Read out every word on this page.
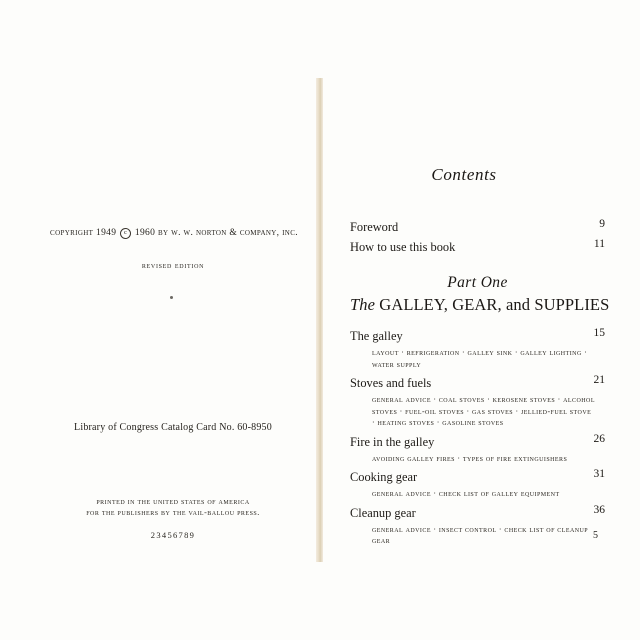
copyright 1949 c 1960 by w. w. norton & company, inc.
revised edition
Library of Congress Catalog Card No. 60-8950
printed in the united states of america
for the publishers by the vail-ballou press.
23456789
Contents
Foreword	9
How to use this book	11
Part One
The GALLEY, GEAR, and SUPPLIES
The galley	15
layout · refrigeration · galley sink · galley lighting · water supply
Stoves and fuels	21
general advice · coal stoves · kerosene stoves · alcohol stoves · fuel-oil stoves · gas stoves · jellied-fuel stove · heating stoves · gasoline stoves
Fire in the galley	26
avoiding galley fires · types of fire extinguishers
Cooking gear	31
general advice · check list of galley equipment
Cleanup gear	36
general advice · insect control · check list of cleanup gear	5
